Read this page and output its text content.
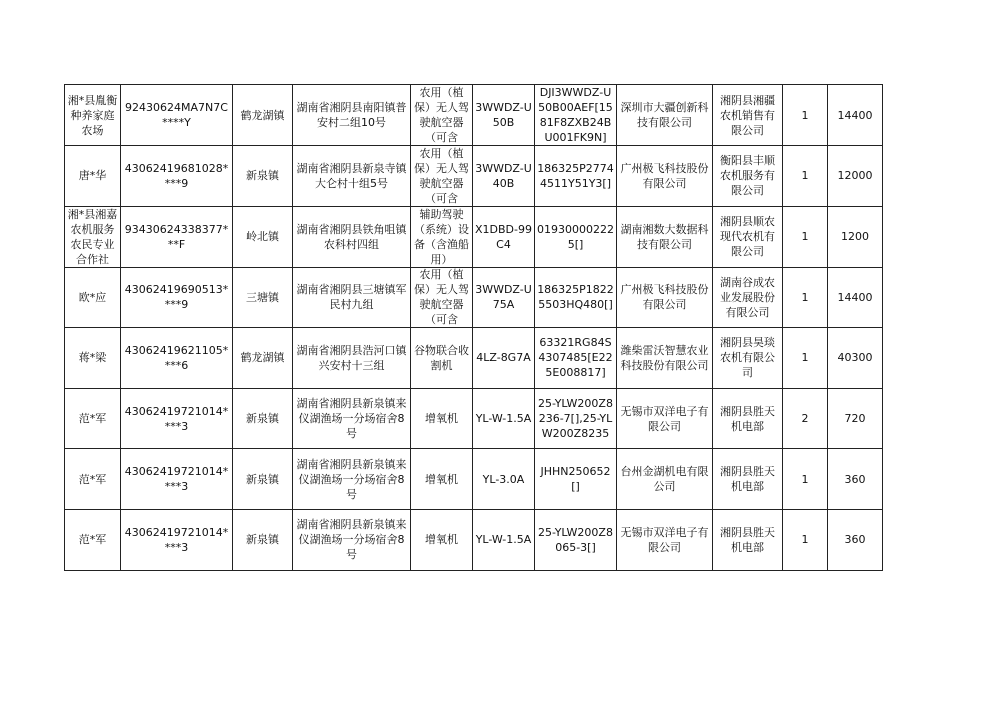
湘*县胤衡种养家庭农场	92430624MA7N7C****Y	鹤龙湖镇	湖南省湘阴县南阳镇普安村二组10号	农用（植保）无人驾驶航空器（可含	3WWDZ-U50B	DJI3WWDZ-U50B00AEF[1581F8ZXB24BU001FK9N]	深圳市大疆创新科技有限公司	湘阴县湘疆农机销售有限公司	1	14400
唐*华	43062419681028****9	新泉镇	湖南省湘阴县新泉寺镇大仑村十组5号	农用（植保）无人驾驶航空器（可含	3WWDZ-U40B	186325P27744511Y51Y3[]	广州极飞科技股份有限公司	衡阳县丰顺农机服务有限公司	1	12000
湘*县湘嘉农机服务农民专业合作社	93430624338377***F	岭北镇	湖南省湘阴县铁角咀镇农科村四组	辅助驾驶（系统）设备（含渔船用）	X1DBD-99C4	019300002225[]	湖南湘数大数据科技有限公司	湘阴县顺农现代农机有限公司	1	1200
欧*应	43062419690513****9	三塘镇	湖南省湘阴县三塘镇军民村九组	农用（植保）无人驾驶航空器（可含	3WWDZ-U75A	186325P18225503HQ480[]	广州极飞科技股份有限公司	湖南谷成农业发展股份有限公司	1	14400
蒋*梁	43062419621105****6	鹤龙湖镇	湖南省湘阴县浩河口镇兴安村十三组	谷物联合收割机	4LZ-8G7A	63321RG84S4307485[E225E008817]	潍柴雷沃智慧农业科技股份有限公司	湘阴县昊琰农机有限公司	1	40300
范*军	43062419721014****3	新泉镇	湖南省湘阴县新泉镇来仪湖渔场一分场宿舍8号	增氧机	YL-W-1.5A	25-YLW200Z8236-7[],25-YLW200Z8235	无锡市双洋电子有限公司	湘阴县胜天机电部	2	720
范*军	43062419721014****3	新泉镇	湖南省湘阴县新泉镇来仪湖渔场一分场宿舍8号	增氧机	YL-3.0A	JHHN250652[]	台州金湖机电有限公司	湘阴县胜天机电部	1	360
范*军	43062419721014****3	新泉镇	湖南省湘阴县新泉镇来仪湖渔场一分场宿舍8号	增氧机	YL-W-1.5A	25-YLW200Z8065-3[]	无锡市双洋电子有限公司	湘阴县胜天机电部	1	360
